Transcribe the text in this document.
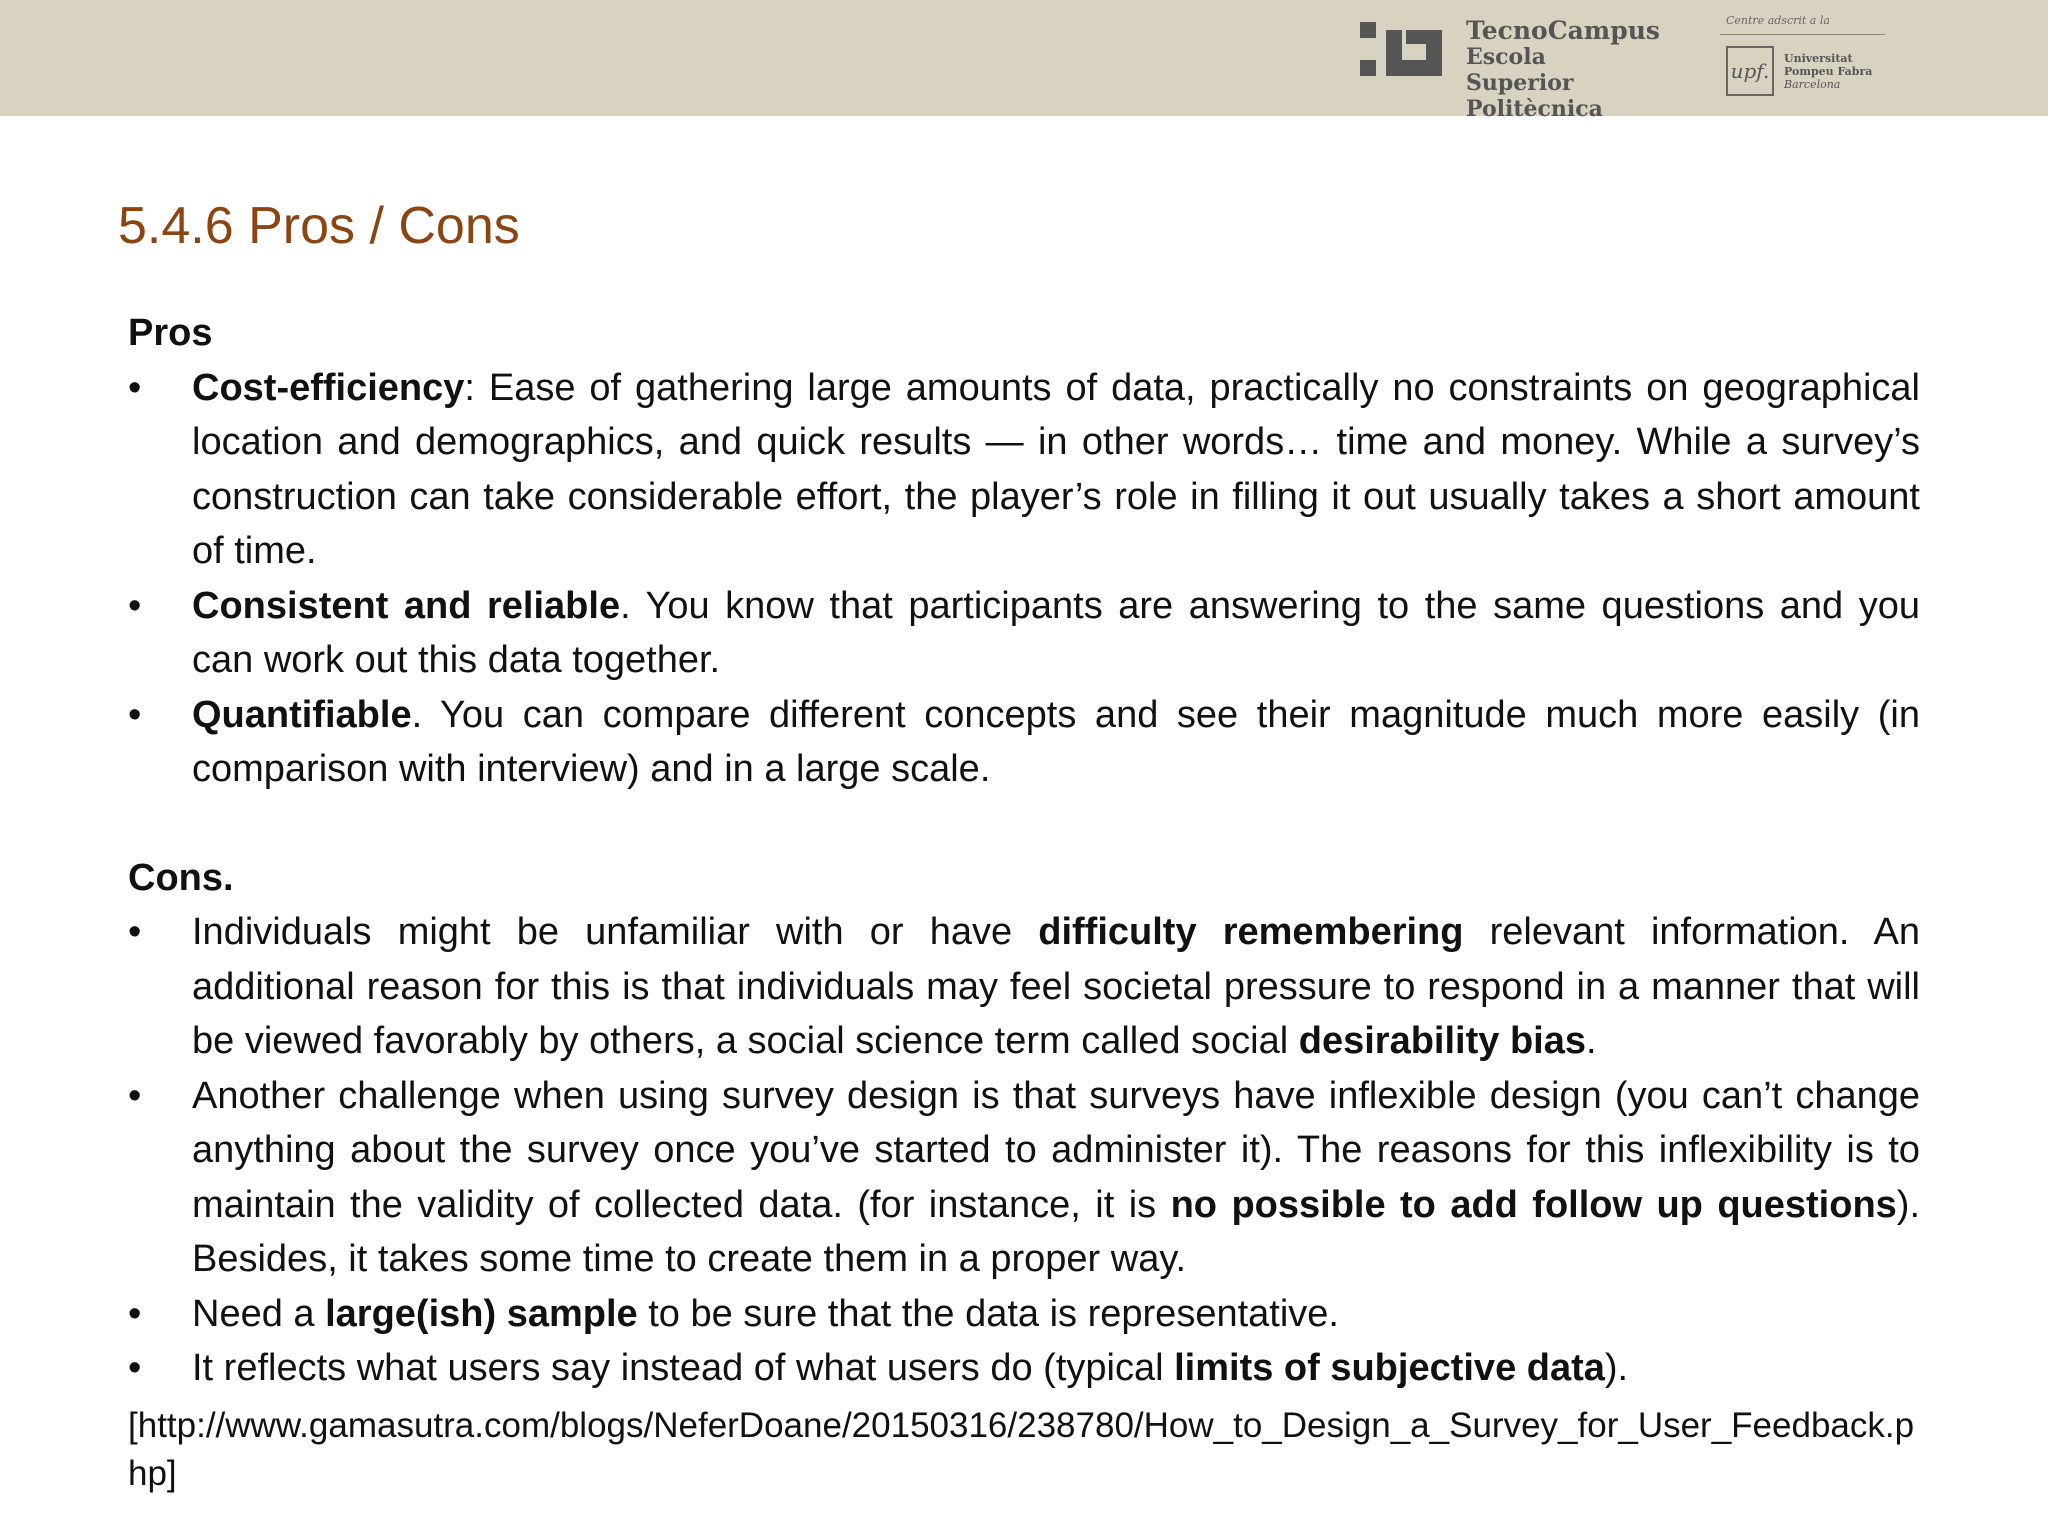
TecnoCampus
Escola Superior
Politècnica
Centre adscrit a la
upf.
Universitat
Pompeu Fabra
Barcelona
5.4.6 Pros / Cons
Pros
• Cost-efficiency: Ease of gathering large amounts of data, practically no constraints on geographical location and demographics, and quick results — in other words… time and money. While a survey’s construction can take considerable effort, the player’s role in filling it out usually takes a short amount of time.
• Consistent and reliable. You know that participants are answering to the same questions and you can work out this data together.
• Quantifiable. You can compare different concepts and see their magnitude much more easily (in comparison with interview) and in a large scale.
Cons.
• Individuals might be unfamiliar with or have difficulty remembering relevant information. An additional reason for this is that individuals may feel societal pressure to respond in a manner that will be viewed favorably by others, a social science term called social desirability bias.
• Another challenge when using survey design is that surveys have inflexible design (you can’t change anything about the survey once you’ve started to administer it). The reasons for this inflexibility is to maintain the validity of collected data. (for instance, it is no possible to add follow up questions). Besides, it takes some time to create them in a proper way.
• Need a large(ish) sample to be sure that the data is representative.
• It reflects what users say instead of what users do (typical limits of subjective data).
[http://www.gamasutra.com/blogs/NeferDoane/20150316/238780/How_to_Design_a_Survey_for_User_Feedback.php]
